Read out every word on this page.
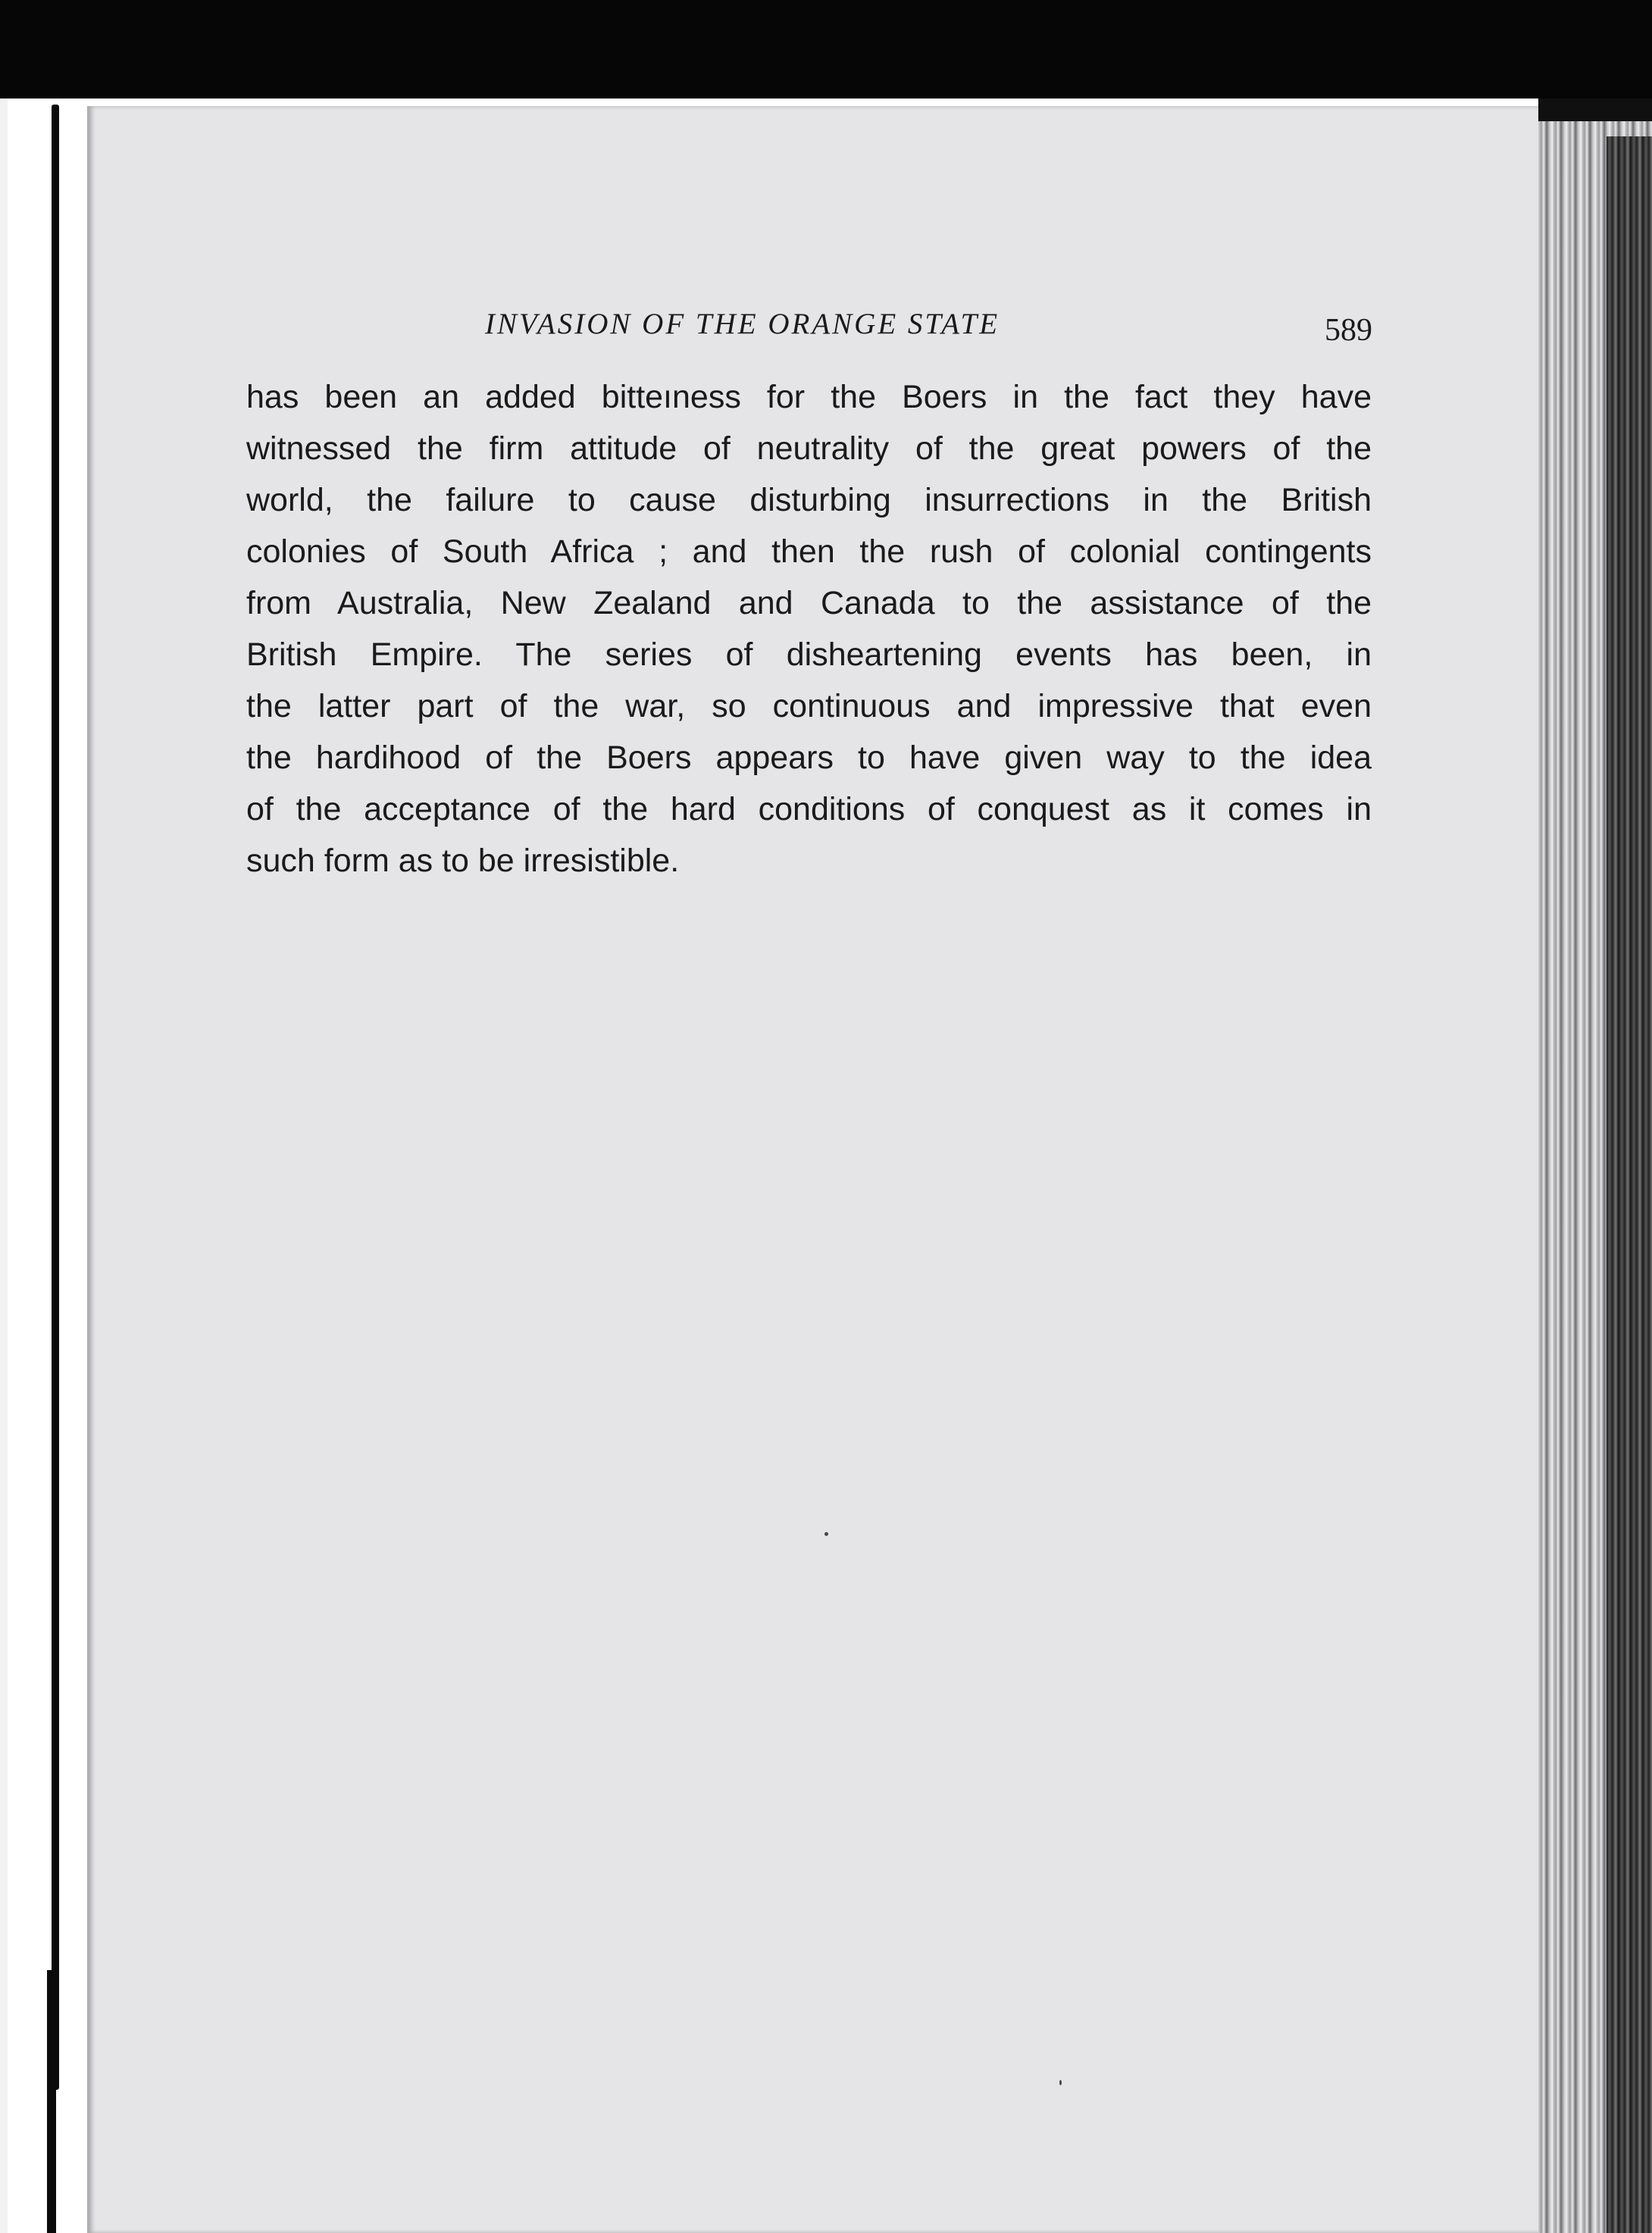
INVASION OF THE ORANGE STATE	589
has been an added bitteıness for the Boers in the fact they have
witnessed the firm attitude of neutrality of the great powers of the
world, the failure to cause disturbing insurrections in the British
colonies of South Africa ; and then the rush of colonial contingents
from Australia, New Zealand and Canada to the assistance of the
British Empire. The series of disheartening events has been, in
the latter part of the war, so continuous and impressive that even
the hardihood of the Boers appears to have given way to the idea
of the acceptance of the hard conditions of conquest as it comes in
such form as to be irresistible.
